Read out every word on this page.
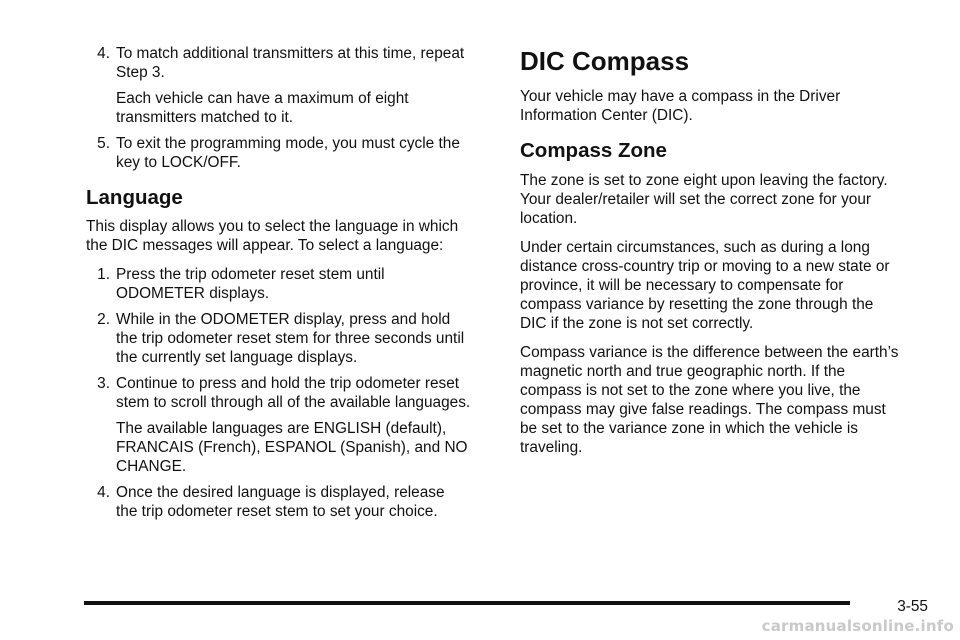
4. To match additional transmitters at this time, repeat
Step 3.
Each vehicle can have a maximum of eight
transmitters matched to it.
5. To exit the programming mode, you must cycle the
key to LOCK/OFF.
Language
This display allows you to select the language in which
the DIC messages will appear. To select a language:
1. Press the trip odometer reset stem until
ODOMETER displays.
2. While in the ODOMETER display, press and hold
the trip odometer reset stem for three seconds until
the currently set language displays.
3. Continue to press and hold the trip odometer reset
stem to scroll through all of the available languages.
The available languages are ENGLISH (default),
FRANCAIS (French), ESPANOL (Spanish), and NO
CHANGE.
4. Once the desired language is displayed, release
the trip odometer reset stem to set your choice.
DIC Compass
Your vehicle may have a compass in the Driver
Information Center (DIC).
Compass Zone
The zone is set to zone eight upon leaving the factory.
Your dealer/retailer will set the correct zone for your
location.
Under certain circumstances, such as during a long
distance cross-country trip or moving to a new state or
province, it will be necessary to compensate for
compass variance by resetting the zone through the
DIC if the zone is not set correctly.
Compass variance is the difference between the earth’s
magnetic north and true geographic north. If the
compass is not set to the zone where you live, the
compass may give false readings. The compass must
be set to the variance zone in which the vehicle is
traveling.
3-55
carmanualsonline.info
